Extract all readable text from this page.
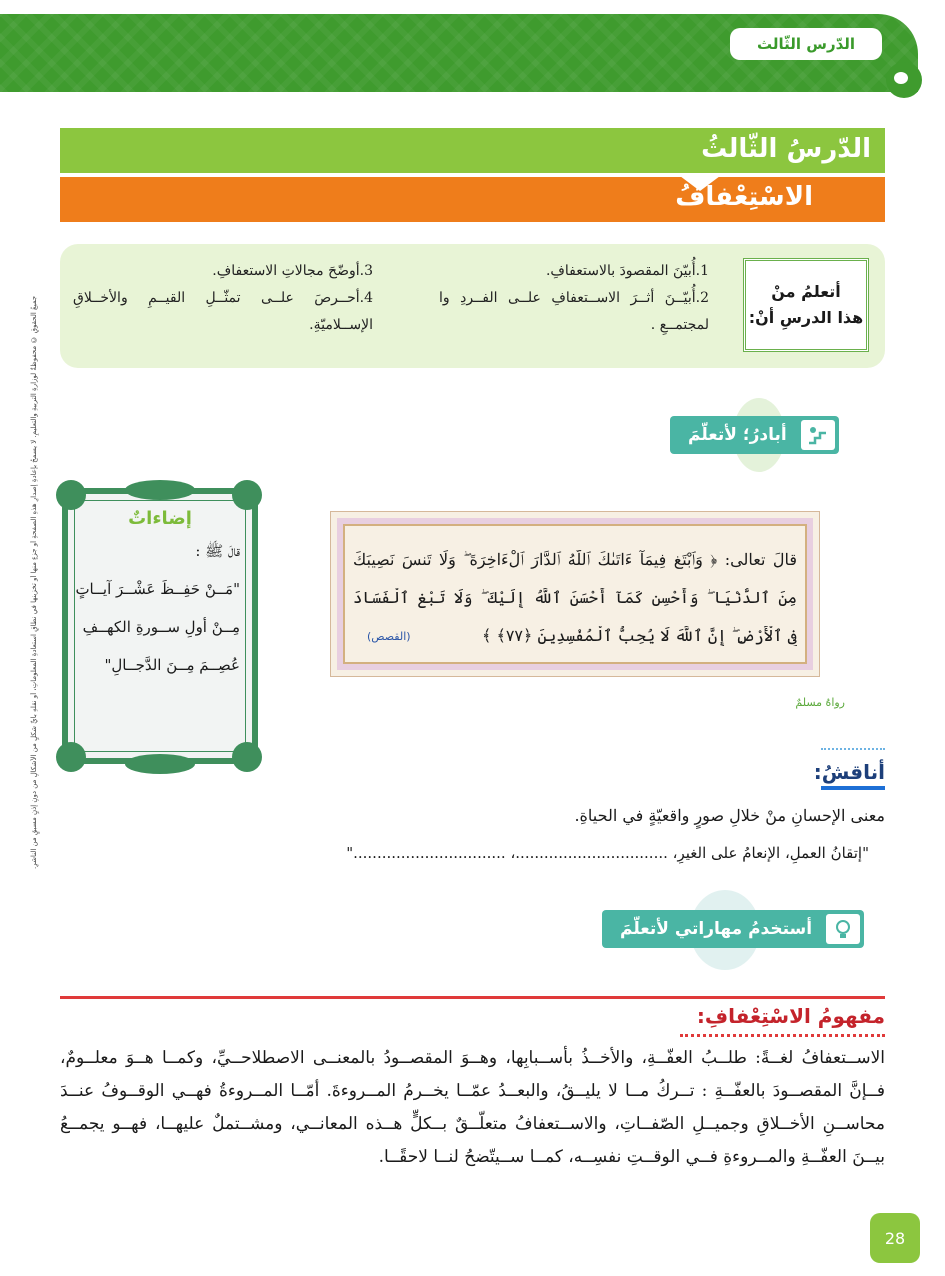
الدّرس الثّالث
جميعُ الحقوقِ © محفوظةٌ لوزارةِ التربيةِ والتعليمِ. لا يسمحُ بإعادةِ إصدارِ هذهِ الصفحةِ أو جزءٍ منها أو تخزينها في نطاقِ استعادةِ المعلوماتِ، أو نقلهِ بأيِّ شكلٍ من الأشكالِ من دونِ إذنٍ مسبقٍ من الناشرِ.
الدّرسُ الثّالثُ
الاسْتِعْفافُ
أتعلمُ منْ
هذا الدرسِ أنْ:
1.أُبيّنَ المقصودَ بالاستعفافِ.
2.أُبيّــنَ أثــرَ الاســتعفافِ علــى الفــردِ وا لمجتمــعِ .
3.أوضّحَ مجالاتِ الاستعفافِ.
4.أحــرصَ علــى تمثّــلِ القيــمِ والأخــلاقِ الإســلاميّةِ.
أبادرُ؛ لأتعلّمَ
إضاءاتٌ
قالَ ﷺ :
"مَــنْ حَفِــظَ عَشْــرَ آيــاتٍ
مِــنْ أولِ ســورةِ الكهــفِ
عُصِــمَ مِــنَ الدَّجــالِ"
رواهُ مسلمٌ
قالَ تعالى: ﴿ وَٱبْتَغِ فِيمَآ ءَاتَىٰكَ ٱللَّهُ ٱلدَّارَ ٱلْءَاخِرَةَ ۖ وَلَا تَنسَ نَصِيبَكَ
مِنَ ٱلدُّنْيَا ۖ وَأَحْسِن كَمَآ أَحْسَنَ ٱللَّهُ إِلَيْكَ ۖ وَلَا تَبْغِ ٱلْفَسَادَ
فِى ٱلْأَرْضِ ۖ إِنَّ ٱللَّهَ لَا يُحِبُّ ٱلْمُفْسِدِينَ ﴿٧٧﴾ ﴾
(القصص)
أناقشُ:
معنى الإحسانِ منْ خلالِ صورٍ واقعيّةٍ في الحياةِ.
"إتقانُ العملِ، الإنعامُ على الغيرِ، ................................، ................................"
أستخدمُ مهاراتي لأتعلّمَ
مفهومُ الاسْتِعْفافِ:
الاســتعفافُ لغــةً: طلــبُ العفّــةِ، والأخــذُ بأســبابِها، وهــوَ المقصــودُ بالمعنــى الاصطلاحــيِّ، وكمــا هــوَ معلــومٌ، فــإنَّ المقصــودَ بالعفّــةِ : تــركُ مــا لا يليــقُ، والبعــدُ عمّــا يخــرمُ المــروءةَ. أمّــا المــروءةُ فهــي الوقــوفُ عنــدَ محاســنِ الأخــلاقِ وجميــلِ الصّفــاتِ، والاســتعفافُ متعلّــقٌ بــكلٍّ هــذه المعانــي، ومشــتملٌ عليهــا، فهــو يجمــعُ بيــنَ العفّــةِ والمــروءةِ فــي الوقــتِ نفسِــه، كمــا ســيتّضحُ لنــا لاحقًــا.
28
